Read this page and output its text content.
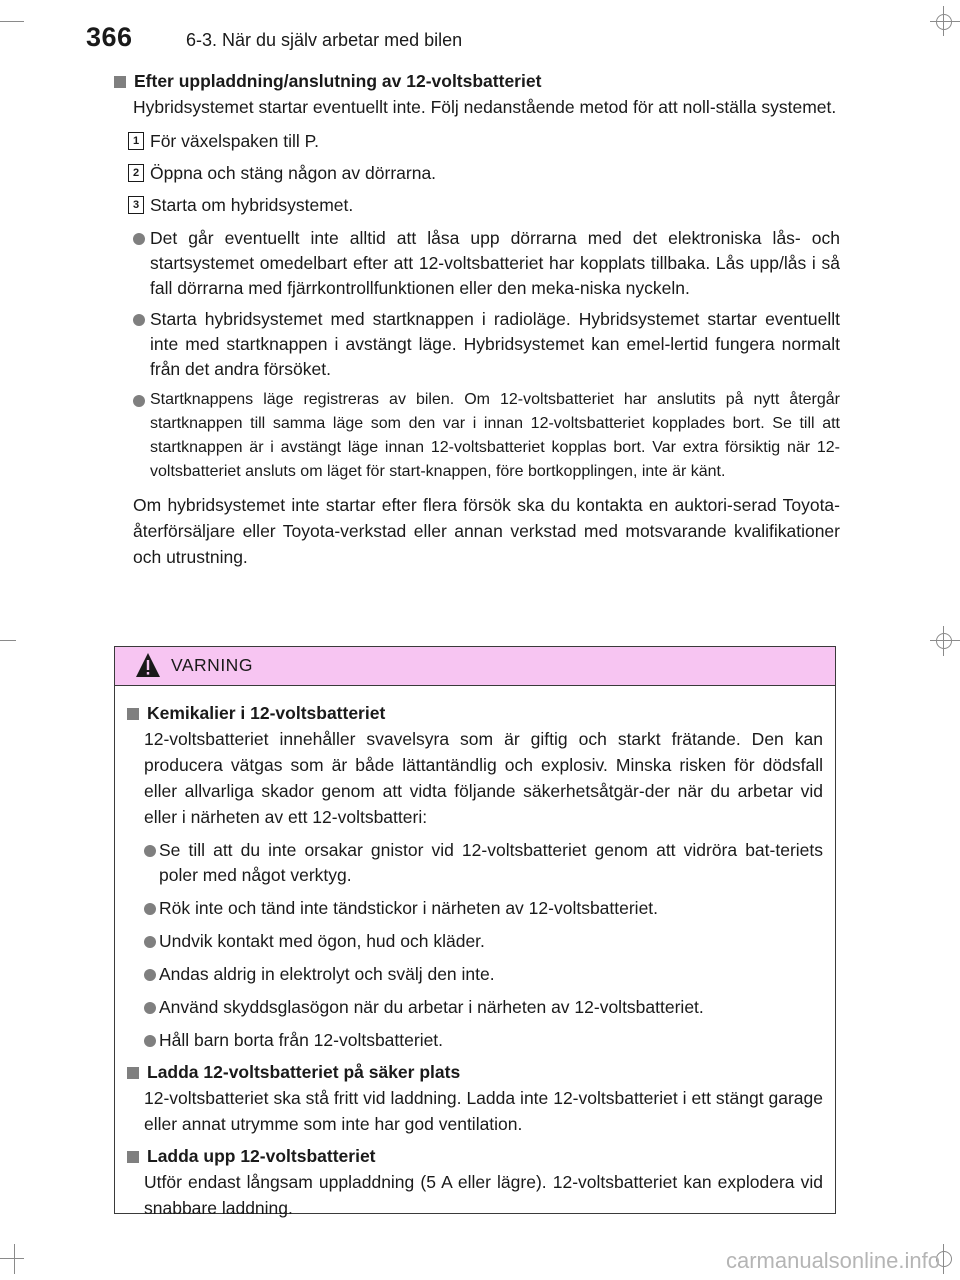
366	6-3. När du själv arbetar med bilen

Efter uppladdning/anslutning av 12-voltsbatteriet

Hybridsystemet startar eventuellt inte. Följ nedanstående metod för att noll-ställa systemet.

1 För växelspaken till P.

2 Öppna och stäng någon av dörrarna.

3 Starta om hybridsystemet.

Det går eventuellt inte alltid att låsa upp dörrarna med det elektroniska lås- och startsystemet omedelbart efter att 12-voltsbatteriet har kopplats tillbaka. Lås upp/lås i så fall dörrarna med fjärrkontrollfunktionen eller den meka-niska nyckeln.

Starta hybridsystemet med startknappen i radioläge. Hybridsystemet startar eventuellt inte med startknappen i avstängt läge. Hybridsystemet kan emel-lertid fungera normalt från det andra försöket.

Startknappens läge registreras av bilen. Om 12-voltsbatteriet har anslutits på nytt återgår startknappen till samma läge som den var i innan 12-voltsbatteriet kopplades bort. Se till att startknappen är i avstängt läge innan 12-voltsbatteriet kopplas bort. Var extra försiktig när 12-voltsbatteriet ansluts om läget för start-knappen, före bortkopplingen, inte är känt.

Om hybridsystemet inte startar efter flera försök ska du kontakta en auktori-serad Toyota-återförsäljare eller Toyota-verkstad eller annan verkstad med motsvarande kvalifikationer och utrustning.

VARNING

Kemikalier i 12-voltsbatteriet

12-voltsbatteriet innehåller svavelsyra som är giftig och starkt frätande. Den kan producera vätgas som är både lättantändlig och explosiv. Minska risken för dödsfall eller allvarliga skador genom att vidta följande säkerhetsåtgär-der när du arbetar vid eller i närheten av ett 12-voltsbatteri:

Se till att du inte orsakar gnistor vid 12-voltsbatteriet genom att vidröra bat-teriets poler med något verktyg.

Rök inte och tänd inte tändstickor i närheten av 12-voltsbatteriet.

Undvik kontakt med ögon, hud och kläder.

Andas aldrig in elektrolyt och svälj den inte.

Använd skyddsglasögon när du arbetar i närheten av 12-voltsbatteriet.

Håll barn borta från 12-voltsbatteriet.

Ladda 12-voltsbatteriet på säker plats

12-voltsbatteriet ska stå fritt vid laddning. Ladda inte 12-voltsbatteriet i ett stängt garage eller annat utrymme som inte har god ventilation.

Ladda upp 12-voltsbatteriet

Utför endast långsam uppladdning (5 A eller lägre). 12-voltsbatteriet kan explodera vid snabbare laddning.

carmanualsonline.info
